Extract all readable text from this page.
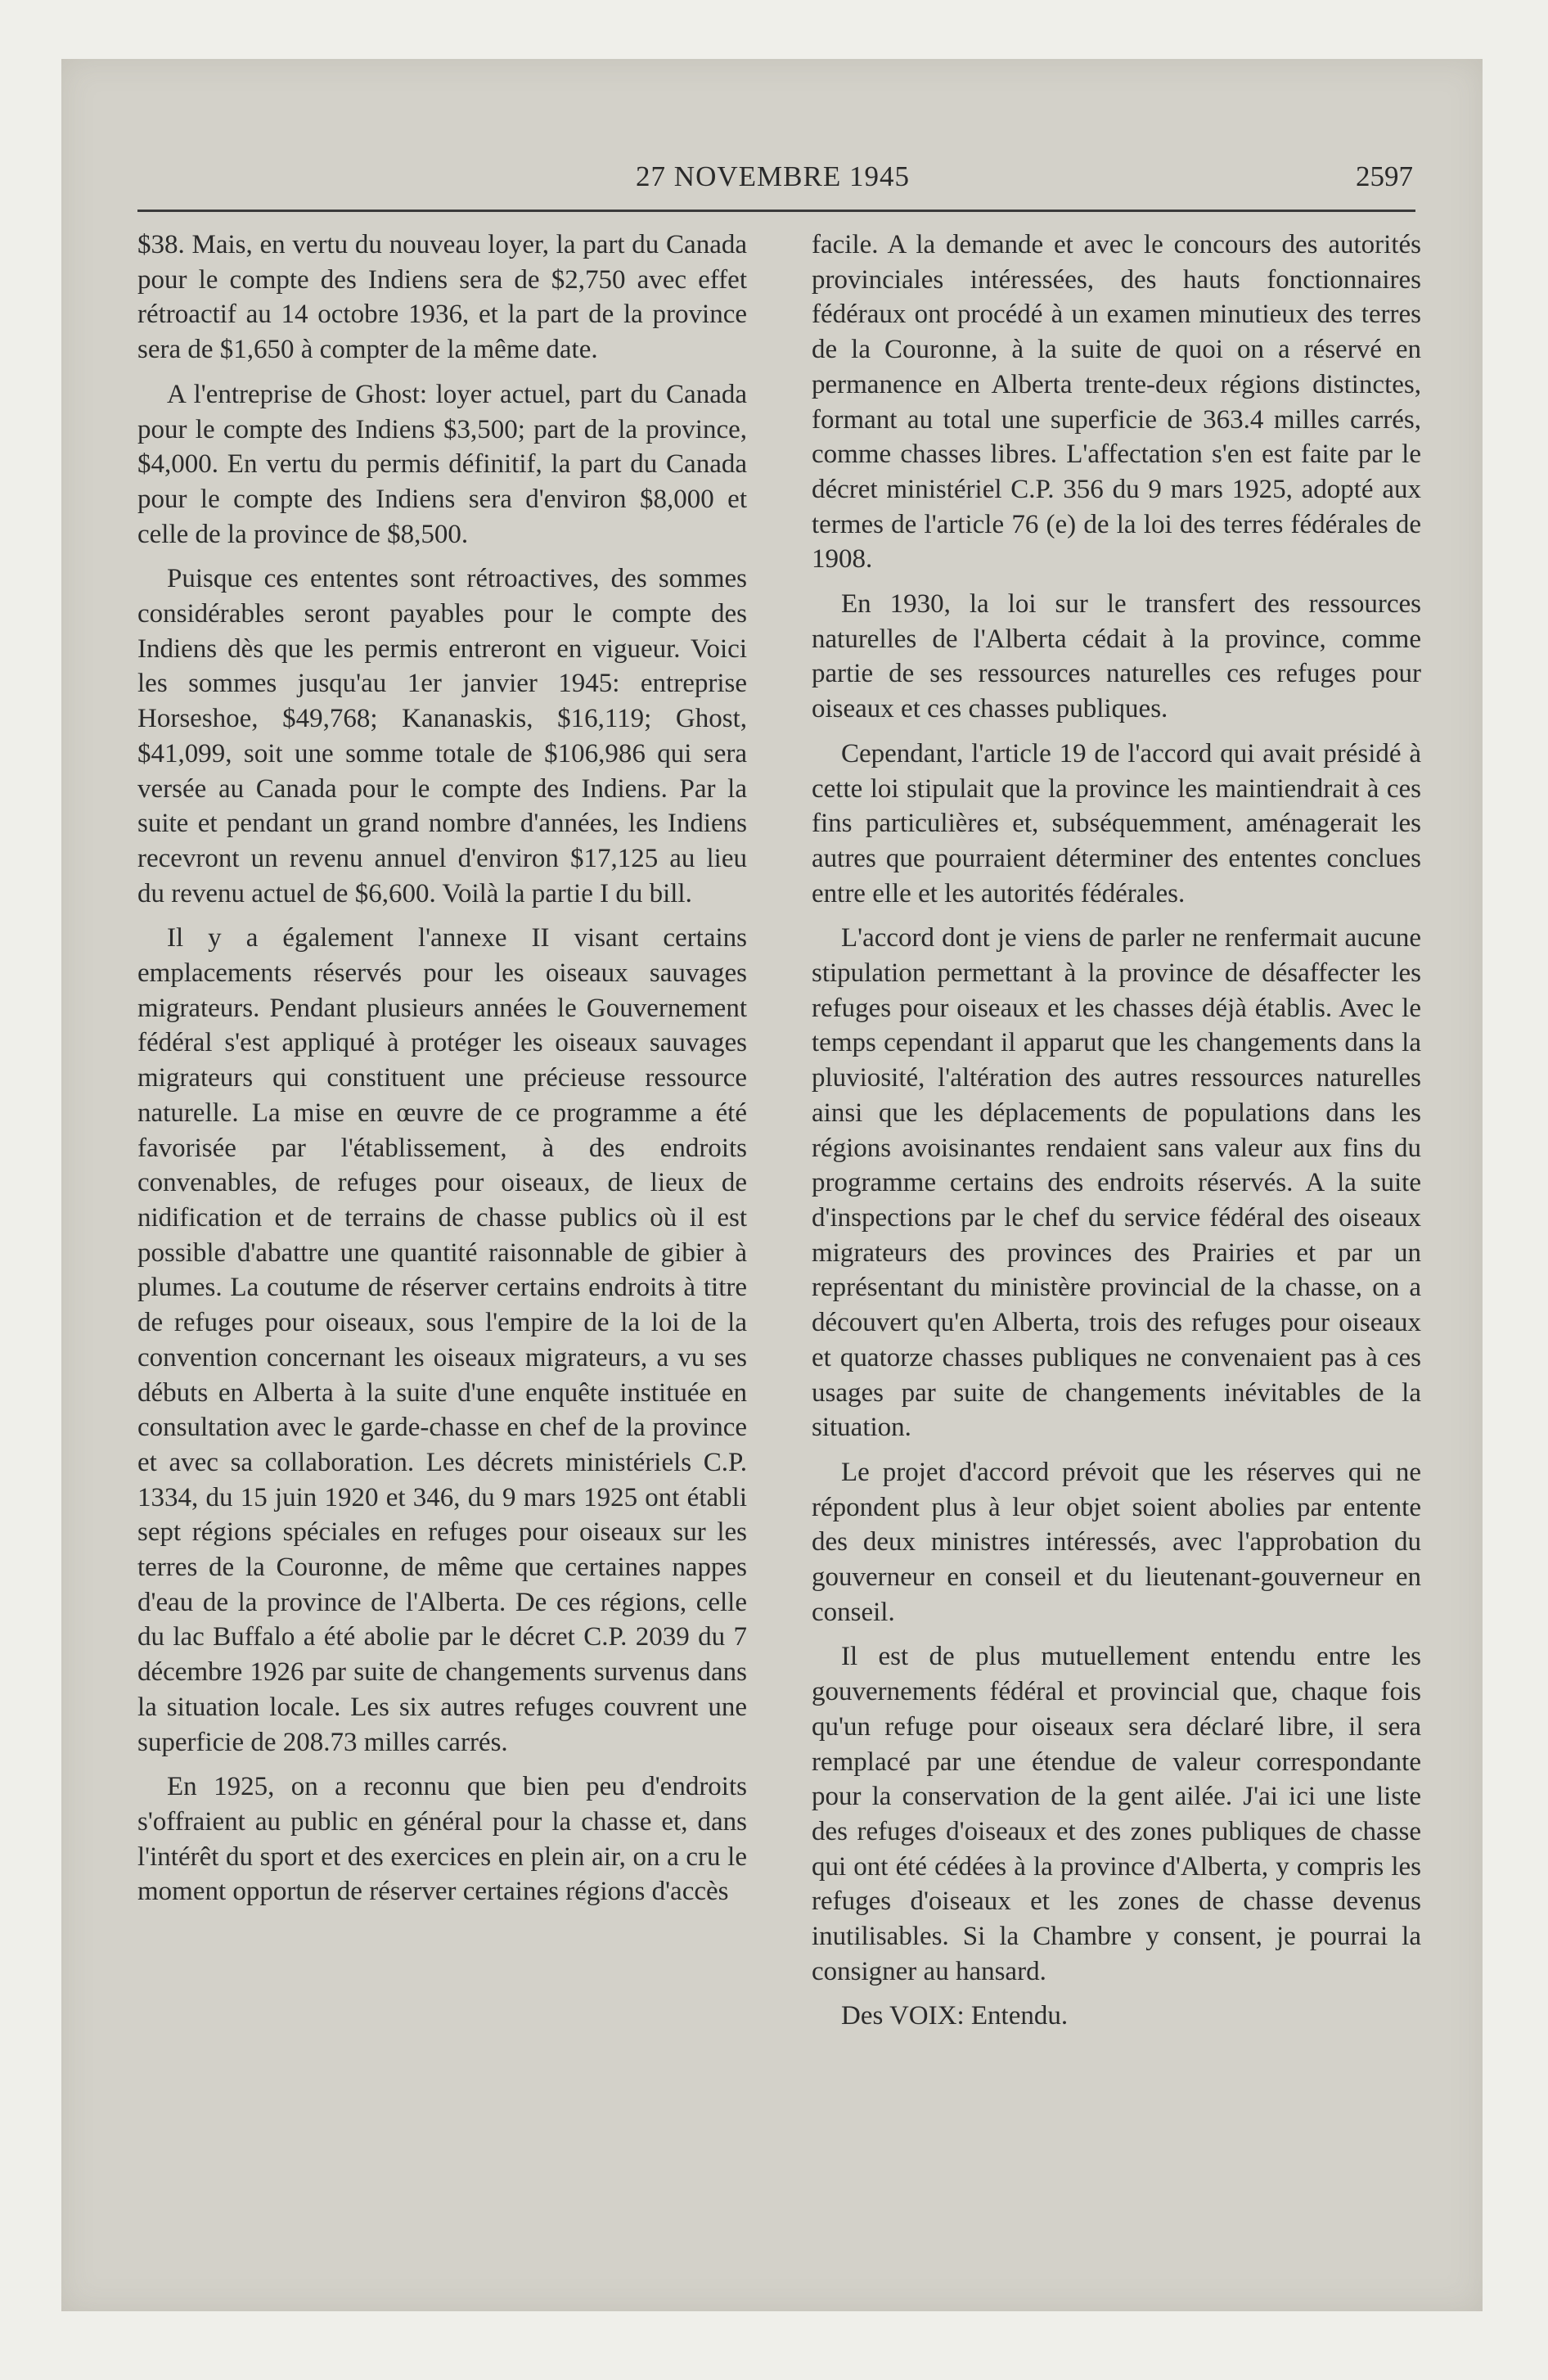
27 NOVEMBRE 1945	2597

$38. Mais, en vertu du nouveau loyer, la part du Canada pour le compte des Indiens sera de $2,750 avec effet rétroactif au 14 octobre 1936, et la part de la province sera de $1,650 à compter de la même date.

A l'entreprise de Ghost: loyer actuel, part du Canada pour le compte des Indiens $3,500; part de la province, $4,000. En vertu du permis définitif, la part du Canada pour le compte des Indiens sera d'environ $8,000 et celle de la province de $8,500.

Puisque ces ententes sont rétroactives, des sommes considérables seront payables pour le compte des Indiens dès que les permis entreront en vigueur. Voici les sommes jusqu'au 1er janvier 1945: entreprise Horseshoe, $49,768; Kananaskis, $16,119; Ghost, $41,099, soit une somme totale de $106,986 qui sera versée au Canada pour le compte des Indiens. Par la suite et pendant un grand nombre d'années, les Indiens recevront un revenu annuel d'environ $17,125 au lieu du revenu actuel de $6,600. Voilà la partie I du bill.

Il y a également l'annexe II visant certains emplacements réservés pour les oiseaux sauvages migrateurs. Pendant plusieurs années le Gouvernement fédéral s'est appliqué à protéger les oiseaux sauvages migrateurs qui constituent une précieuse ressource naturelle. La mise en œuvre de ce programme a été favorisée par l'établissement, à des endroits convenables, de refuges pour oiseaux, de lieux de nidification et de terrains de chasse publics où il est possible d'abattre une quantité raisonnable de gibier à plumes. La coutume de réserver certains endroits à titre de refuges pour oiseaux, sous l'empire de la loi de la convention concernant les oiseaux migrateurs, a vu ses débuts en Alberta à la suite d'une enquête instituée en consultation avec le garde-chasse en chef de la province et avec sa collaboration. Les décrets ministériels C.P. 1334, du 15 juin 1920 et 346, du 9 mars 1925 ont établi sept régions spéciales en refuges pour oiseaux sur les terres de la Couronne, de même que certaines nappes d'eau de la province de l'Alberta. De ces régions, celle du lac Buffalo a été abolie par le décret C.P. 2039 du 7 décembre 1926 par suite de changements survenus dans la situation locale. Les six autres refuges couvrent une superficie de 208.73 milles carrés.

En 1925, on a reconnu que bien peu d'endroits s'offraient au public en général pour la chasse et, dans l'intérêt du sport et des exercices en plein air, on a cru le moment opportun de réserver certaines régions d'accès

facile. A la demande et avec le concours des autorités provinciales intéressées, des hauts fonctionnaires fédéraux ont procédé à un examen minutieux des terres de la Couronne, à la suite de quoi on a réservé en permanence en Alberta trente-deux régions distinctes, formant au total une superficie de 363.4 milles carrés, comme chasses libres. L'affectation s'en est faite par le décret ministériel C.P. 356 du 9 mars 1925, adopté aux termes de l'article 76 (e) de la loi des terres fédérales de 1908.

En 1930, la loi sur le transfert des ressources naturelles de l'Alberta cédait à la province, comme partie de ses ressources naturelles ces refuges pour oiseaux et ces chasses publiques.

Cependant, l'article 19 de l'accord qui avait présidé à cette loi stipulait que la province les maintiendrait à ces fins particulières et, subséquemment, aménagerait les autres que pourraient déterminer des ententes conclues entre elle et les autorités fédérales.

L'accord dont je viens de parler ne renfermait aucune stipulation permettant à la province de désaffecter les refuges pour oiseaux et les chasses déjà établis. Avec le temps cependant il apparut que les changements dans la pluviosité, l'altération des autres ressources naturelles ainsi que les déplacements de populations dans les régions avoisinantes rendaient sans valeur aux fins du programme certains des endroits réservés. A la suite d'inspections par le chef du service fédéral des oiseaux migrateurs des provinces des Prairies et par un représentant du ministère provincial de la chasse, on a découvert qu'en Alberta, trois des refuges pour oiseaux et quatorze chasses publiques ne convenaient pas à ces usages par suite de changements inévitables de la situation.

Le projet d'accord prévoit que les réserves qui ne répondent plus à leur objet soient abolies par entente des deux ministres intéressés, avec l'approbation du gouverneur en conseil et du lieutenant-gouverneur en conseil.

Il est de plus mutuellement entendu entre les gouvernements fédéral et provincial que, chaque fois qu'un refuge pour oiseaux sera déclaré libre, il sera remplacé par une étendue de valeur correspondante pour la conservation de la gent ailée. J'ai ici une liste des refuges d'oiseaux et des zones publiques de chasse qui ont été cédées à la province d'Alberta, y compris les refuges d'oiseaux et les zones de chasse devenus inutilisables. Si la Chambre y consent, je pourrai la consigner au hansard.

Des VOIX: Entendu.
